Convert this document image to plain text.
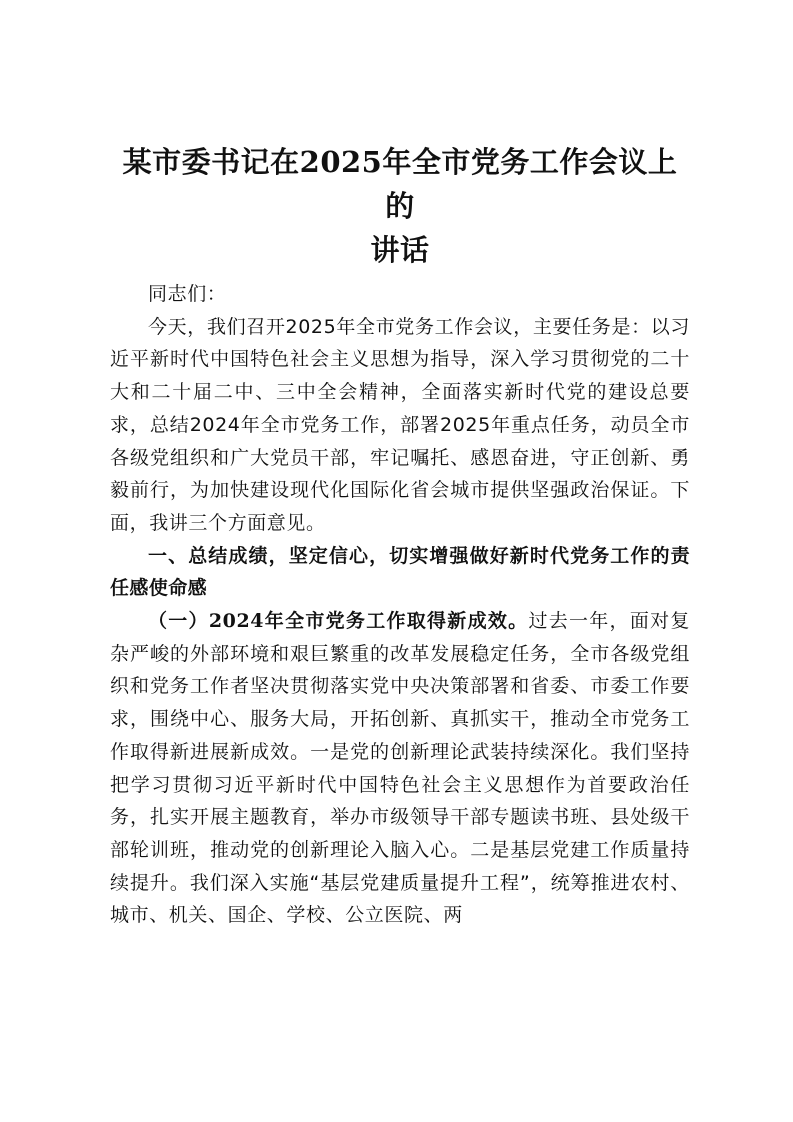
某市委书记在2025年全市党务工作会议上的
讲话

同志们：

今天，我们召开2025年全市党务工作会议，主要任务是：以习近平新时代中国特色社会主义思想为指导，深入学习贯彻党的二十大和二十届二中、三中全会精神，全面落实新时代党的建设总要求，总结2024年全市党务工作，部署2025年重点任务，动员全市各级党组织和广大党员干部，牢记嘱托、感恩奋进，守正创新、勇毅前行，为加快建设现代化国际化省会城市提供坚强政治保证。下面，我讲三个方面意见。

一、总结成绩，坚定信心，切实增强做好新时代党务工作的责任感使命感

（一）2024年全市党务工作取得新成效。过去一年，面对复杂严峻的外部环境和艰巨繁重的改革发展稳定任务，全市各级党组织和党务工作者坚决贯彻落实党中央决策部署和省委、市委工作要求，围绕中心、服务大局，开拓创新、真抓实干，推动全市党务工作取得新进展新成效。一是党的创新理论武装持续深化。我们坚持把学习贯彻习近平新时代中国特色社会主义思想作为首要政治任务，扎实开展主题教育，举办市级领导干部专题读书班、县处级干部轮训班，推动党的创新理论入脑入心。二是基层党建工作质量持续提升。我们深入实施“基层党建质量提升工程”，统筹推进农村、城市、机关、国企、学校、公立医院、两
